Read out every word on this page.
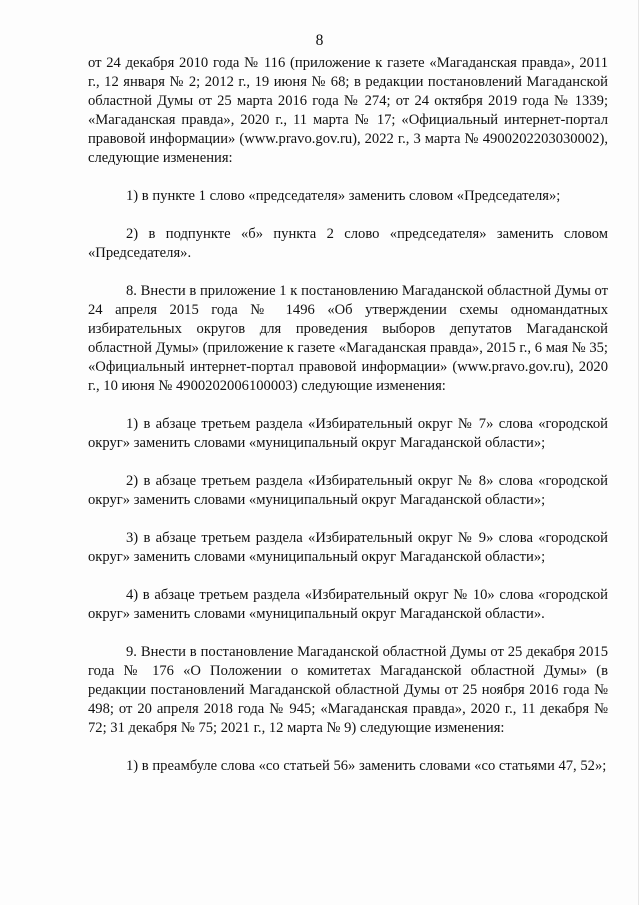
8

от 24 декабря 2010 года № 116 (приложение к газете «Магаданская правда», 2011 г., 12 января № 2; 2012 г., 19 июня № 68; в редакции постановлений Магаданской областной Думы от 25 марта 2016 года № 274; от 24 октября 2019 года № 1339; «Магаданская правда», 2020 г., 11 марта № 17; «Официальный интернет-портал правовой информации» (www.pravo.gov.ru), 2022 г., 3 марта № 4900202203030002), следующие изменения:

1) в пункте 1 слово «председателя» заменить словом «Председателя»;

2) в подпункте «б» пункта 2 слово «председателя» заменить словом «Председателя».

8. Внести в приложение 1 к постановлению Магаданской областной Думы от 24 апреля 2015 года № 1496 «Об утверждении схемы одномандатных избирательных округов для проведения выборов депутатов Магаданской областной Думы» (приложение к газете «Магаданская правда», 2015 г., 6 мая № 35; «Официальный интернет-портал правовой информации» (www.pravo.gov.ru), 2020 г., 10 июня № 4900202006100003) следующие изменения:

1) в абзаце третьем раздела «Избирательный округ № 7» слова «городской округ» заменить словами «муниципальный округ Магаданской области»;

2) в абзаце третьем раздела «Избирательный округ № 8» слова «городской округ» заменить словами «муниципальный округ Магаданской области»;

3) в абзаце третьем раздела «Избирательный округ № 9» слова «городской округ» заменить словами «муниципальный округ Магаданской области»;

4) в абзаце третьем раздела «Избирательный округ № 10» слова «городской округ» заменить словами «муниципальный округ Магаданской области».

9. Внести в постановление Магаданской областной Думы от 25 декабря 2015 года № 176 «О Положении о комитетах Магаданской областной Думы» (в редакции постановлений Магаданской областной Думы от 25 ноября 2016 года № 498; от 20 апреля 2018 года № 945; «Магаданская правда», 2020 г., 11 декабря № 72; 31 декабря № 75; 2021 г., 12 марта № 9) следующие изменения:

1) в преамбуле слова «со статьей 56» заменить словами «со статьями 47, 52»;
